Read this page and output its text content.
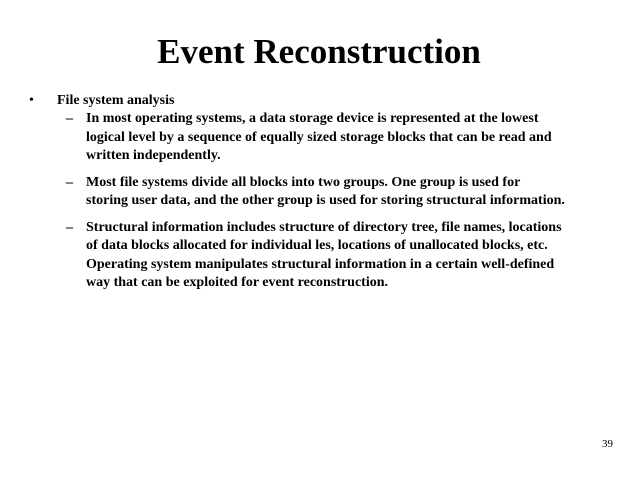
Event Reconstruction
• File system analysis
– In most operating systems, a data storage device is represented at the lowest
logical level by a sequence of equally sized storage blocks that can be read and
written independently.
– Most file systems divide all blocks into two groups. One group is used for
storing user data, and the other group is used for storing structural information.
– Structural information includes structure of directory tree, file names, locations
of data blocks allocated for individual les, locations of unallocated blocks, etc.
Operating system manipulates structural information in a certain well-defined
way that can be exploited for event reconstruction.
39
